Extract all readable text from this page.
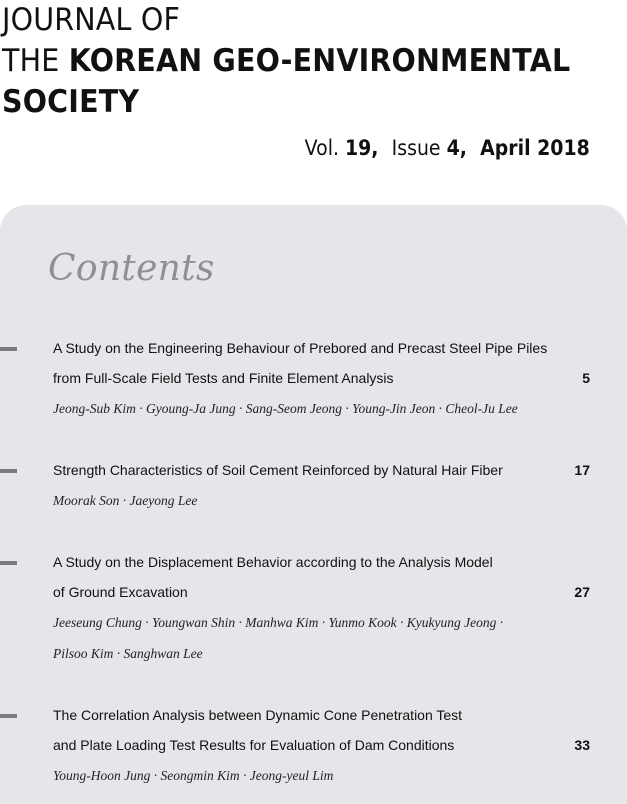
JOURNAL OF
THE KOREAN GEO-ENVIRONMENTAL
SOCIETY
Vol. 19, Issue 4, April 2018
Contents
A Study on the Engineering Behaviour of Prebored and Precast Steel Pipe Piles
from Full-Scale Field Tests and Finite Element Analysis	5
Jeong-Sub Kim · Gyoung-Ja Jung · Sang-Seom Jeong · Young-Jin Jeon · Cheol-Ju Lee
Strength Characteristics of Soil Cement Reinforced by Natural Hair Fiber	17
Moorak Son · Jaeyong Lee
A Study on the Displacement Behavior according to the Analysis Model
of Ground Excavation	27
Jeeseung Chung · Youngwan Shin · Manhwa Kim · Yunmo Kook · Kyukyung Jeong ·
Pilsoo Kim · Sanghwan Lee
The Correlation Analysis between Dynamic Cone Penetration Test
and Plate Loading Test Results for Evaluation of Dam Conditions	33
Young-Hoon Jung · Seongmin Kim · Jeong-yeul Lim
